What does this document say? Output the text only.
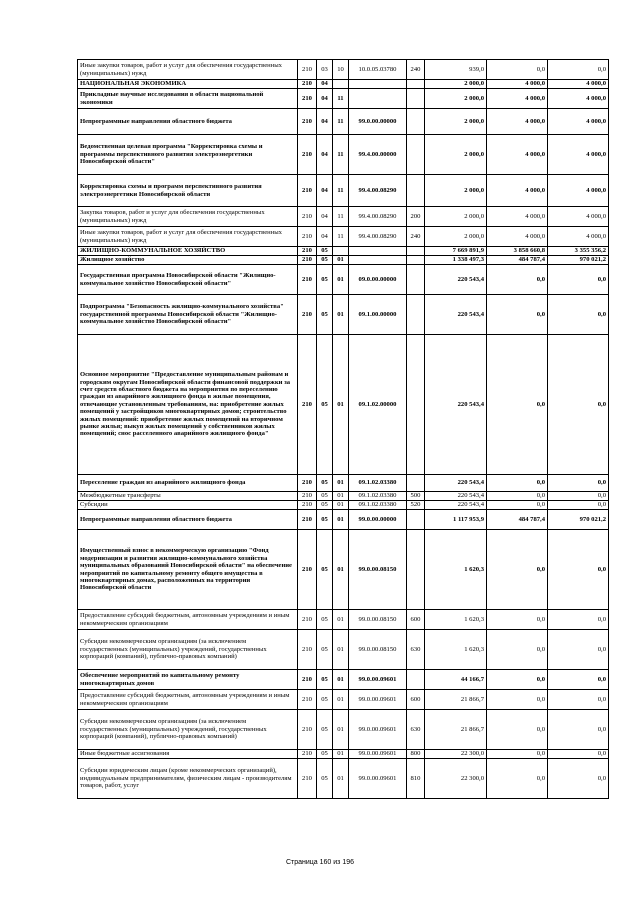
Иные закупки товаров, работ и услуг для обеспечения государственных (муниципальных) нужд	210	03	10	10.0.05.03780	240	939,0	0,0	0,0
НАЦИОНАЛЬНАЯ ЭКОНОМИКА	210	04				2 000,0	4 000,0	4 000,0
Прикладные научные исследования в области национальной экономики	210	04	11			2 000,0	4 000,0	4 000,0
Непрограммные направления областного бюджета	210	04	11	99.0.00.00000		2 000,0	4 000,0	4 000,0
Ведомственная целевая программа "Корректировка схемы и программы перспективного развития электроэнергетики Новосибирской области"	210	04	11	99.4.00.00000		2 000,0	4 000,0	4 000,0
Корректировка схемы и программ перспективного развития электроэнергетики Новосибирской области	210	04	11	99.4.00.08290		2 000,0	4 000,0	4 000,0
Закупка товаров, работ и услуг для обеспечения государственных (муниципальных) нужд	210	04	11	99.4.00.08290	200	2 000,0	4 000,0	4 000,0
Иные закупки товаров, работ и услуг для обеспечения государственных (муниципальных) нужд	210	04	11	99.4.00.08290	240	2 000,0	4 000,0	4 000,0
ЖИЛИЩНО-КОММУНАЛЬНОЕ ХОЗЯЙСТВО	210	05				7 669 891,9	3 858 660,8	3 355 356,2
Жилищное хозяйство	210	05	01			1 338 497,3	484 787,4	970 021,2
Государственная программа Новосибирской области "Жилищно-коммунальное хозяйство Новосибирской области"	210	05	01	09.0.00.00000		220 543,4	0,0	0,0
Подпрограмма "Безопасность жилищно-коммунального хозяйства" государственной программы Новосибирской области "Жилищно-коммунальное хозяйство Новосибирской области"	210	05	01	09.1.00.00000		220 543,4	0,0	0,0
Основное мероприятие "Предоставление муниципальным районам и городским округам Новосибирской области финансовой поддержки за счет средств областного бюджета на мероприятия по переселению граждан из аварийного жилищного фонда в жилые помещения, отвечающие установленным требованиям, на: приобретение жилых помещений у застройщиков многоквартирных домов; строительство жилых помещений: приобретение жилых помещений на вторичном рынке жилья; выкуп жилых помещений у собственников жилых помещений; снос расселенного аварийного жилищного фонда"	210	05	01	09.1.02.00000		220 543,4	0,0	0,0
Переселение граждан из аварийного жилищного фонда	210	05	01	09.1.02.03380		220 543,4	0,0	0,0
Межбюджетные трансферты	210	05	01	09.1.02.03380	500	220 543,4	0,0	0,0
Субсидии	210	05	01	09.1.02.03380	520	220 543,4	0,0	0,0
Непрограммные направления областного бюджета	210	05	01	99.0.00.00000		1 117 953,9	484 787,4	970 021,2
Имущественный взнос в некоммерческую организацию "Фонд модернизации и развития жилищно-коммунального хозяйства муниципальных образований Новосибирской области" на обеспечение мероприятий по капитальному ремонту общего имущества в многоквартирных домах, расположенных на территории Новосибирской области	210	05	01	99.0.00.08150		1 620,3	0,0	0,0
Предоставление субсидий бюджетным, автономным учреждениям и иным некоммерческим организациям	210	05	01	99.0.00.08150	600	1 620,3	0,0	0,0
Субсидии некоммерческим организациям (за исключением государственных (муниципальных) учреждений, государственных корпораций (компаний), публично-правовых компаний)	210	05	01	99.0.00.08150	630	1 620,3	0,0	0,0
Обеспечение мероприятий по капитальному ремонту многоквартирных домов	210	05	01	99.0.00.09601		44 166,7	0,0	0,0
Предоставление субсидий бюджетным, автономным учреждениям и иным некоммерческим организациям	210	05	01	99.0.00.09601	600	21 866,7	0,0	0,0
Субсидии некоммерческим организациям (за исключением государственных (муниципальных) учреждений, государственных корпораций (компаний), публично-правовых компаний)	210	05	01	99.0.00.09601	630	21 866,7	0,0	0,0
Иные бюджетные ассигнования	210	05	01	99.0.00.09601	800	22 300,0	0,0	0,0
Субсидии юридическим лицам (кроме некоммерческих организаций), индивидуальным предпринимателям, физическим лицам - производителям товаров, работ, услуг	210	05	01	99.0.00.09601	810	22 300,0	0,0	0,0
Страница 160 из 196
